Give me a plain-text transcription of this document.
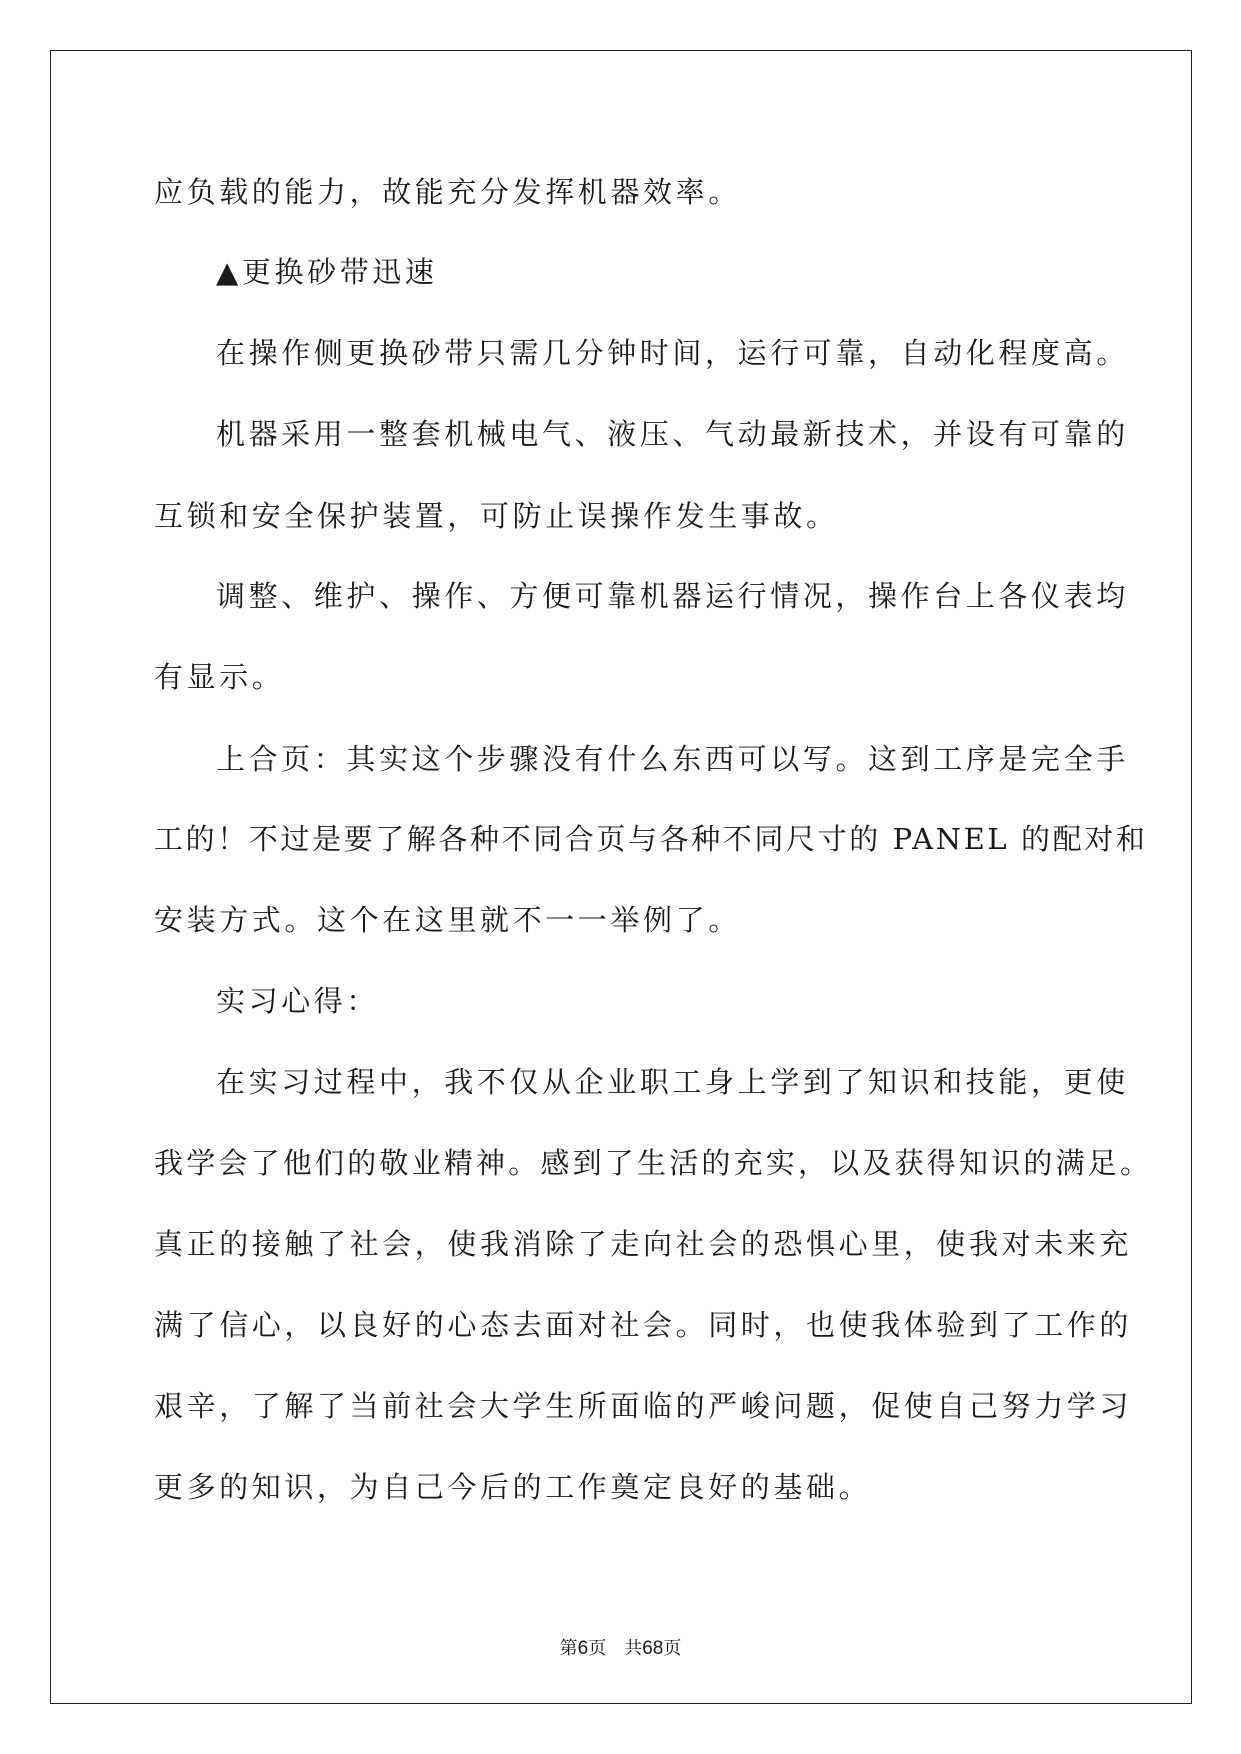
应负载的能力，故能充分发挥机器效率。
▲更换砂带迅速
在操作侧更换砂带只需几分钟时间，运行可靠，自动化程度高。
机器采用一整套机械电气、液压、气动最新技术，并设有可靠的
互锁和安全保护装置，可防止误操作发生事故。
调整、维护、操作、方便可靠机器运行情况，操作台上各仪表均
有显示。
上合页：其实这个步骤没有什么东西可以写。这到工序是完全手
工的！不过是要了解各种不同合页与各种不同尺寸的 PANEL 的配对和
安装方式。这个在这里就不一一举例了。
实习心得：
在实习过程中，我不仅从企业职工身上学到了知识和技能，更使
我学会了他们的敬业精神。感到了生活的充实，以及获得知识的满足。
真正的接触了社会，使我消除了走向社会的恐惧心里，使我对未来充
满了信心，以良好的心态去面对社会。同时，也使我体验到了工作的
艰辛，了解了当前社会大学生所面临的严峻问题，促使自己努力学习
更多的知识，为自己今后的工作奠定良好的基础。
第6页　共68页
